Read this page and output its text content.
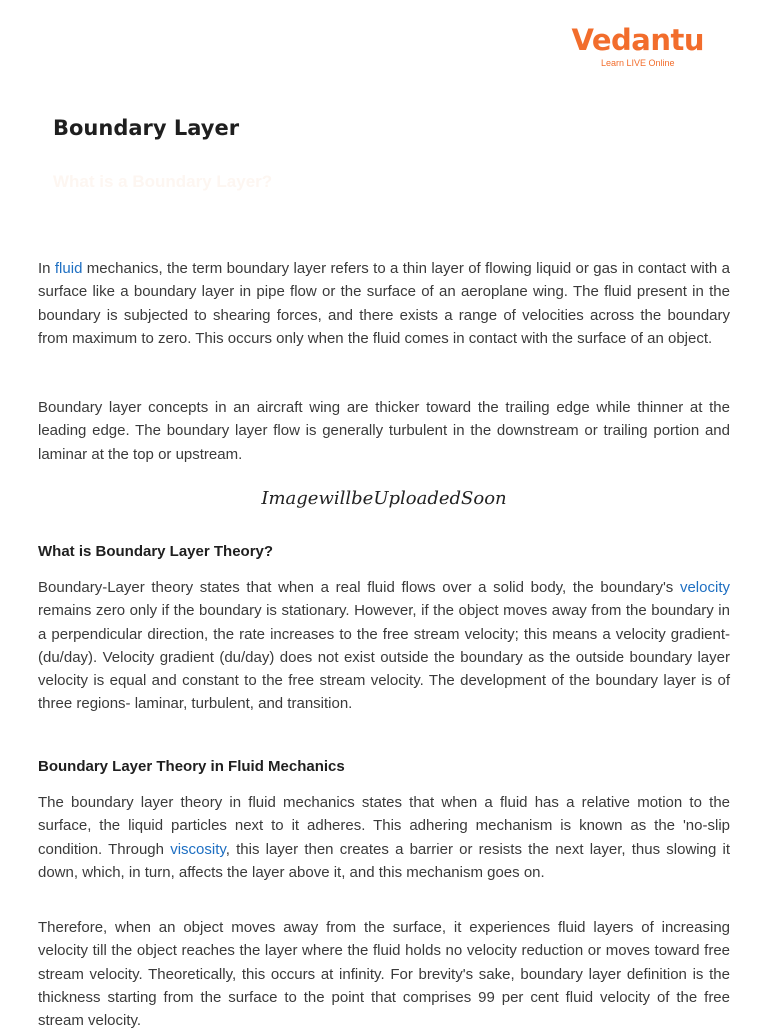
Vedantu
Learn LIVE Online
Boundary Layer
What is a Boundary Layer?

In fluid mechanics, the term boundary layer refers to a thin layer of flowing liquid or gas in contact with a surface like a boundary layer in pipe flow or the surface of an aeroplane wing. The fluid present in the boundary is subjected to shearing forces, and there exists a range of velocities across the boundary from maximum to zero. This occurs only when the fluid comes in contact with the surface of an object.

Boundary layer concepts in an aircraft wing are thicker toward the trailing edge while thinner at the leading edge. The boundary layer flow is generally turbulent in the downstream or trailing portion and laminar at the top or upstream.

ImagewillbeUploadedSoon
What is Boundary Layer Theory?

Boundary-Layer theory states that when a real fluid flows over a solid body, the boundary's velocity remains zero only if the boundary is stationary. However, if the object moves away from the boundary in a perpendicular direction, the rate increases to the free stream velocity; this means a velocity gradient- (du/day). Velocity gradient (du/day) does not exist outside the boundary as the outside boundary layer velocity is equal and constant to the free stream velocity. The development of the boundary layer is of three regions- laminar, turbulent, and transition.

Boundary Layer Theory in Fluid Mechanics

The boundary layer theory in fluid mechanics states that when a fluid has a relative motion to the surface, the liquid particles next to it adheres. This adhering mechanism is known as the 'no-slip condition. Through viscosity, this layer then creates a barrier or resists the next layer, thus slowing it down, which, in turn, affects the layer above it, and this mechanism goes on.

Therefore, when an object moves away from the surface, it experiences fluid layers of increasing velocity till the object reaches the layer where the fluid holds no velocity reduction or moves toward free stream velocity. Theoretically, this occurs at infinity. For brevity's sake, boundary layer definition is the thickness starting from the surface to the point that comprises 99 per cent fluid velocity of the free stream velocity.
